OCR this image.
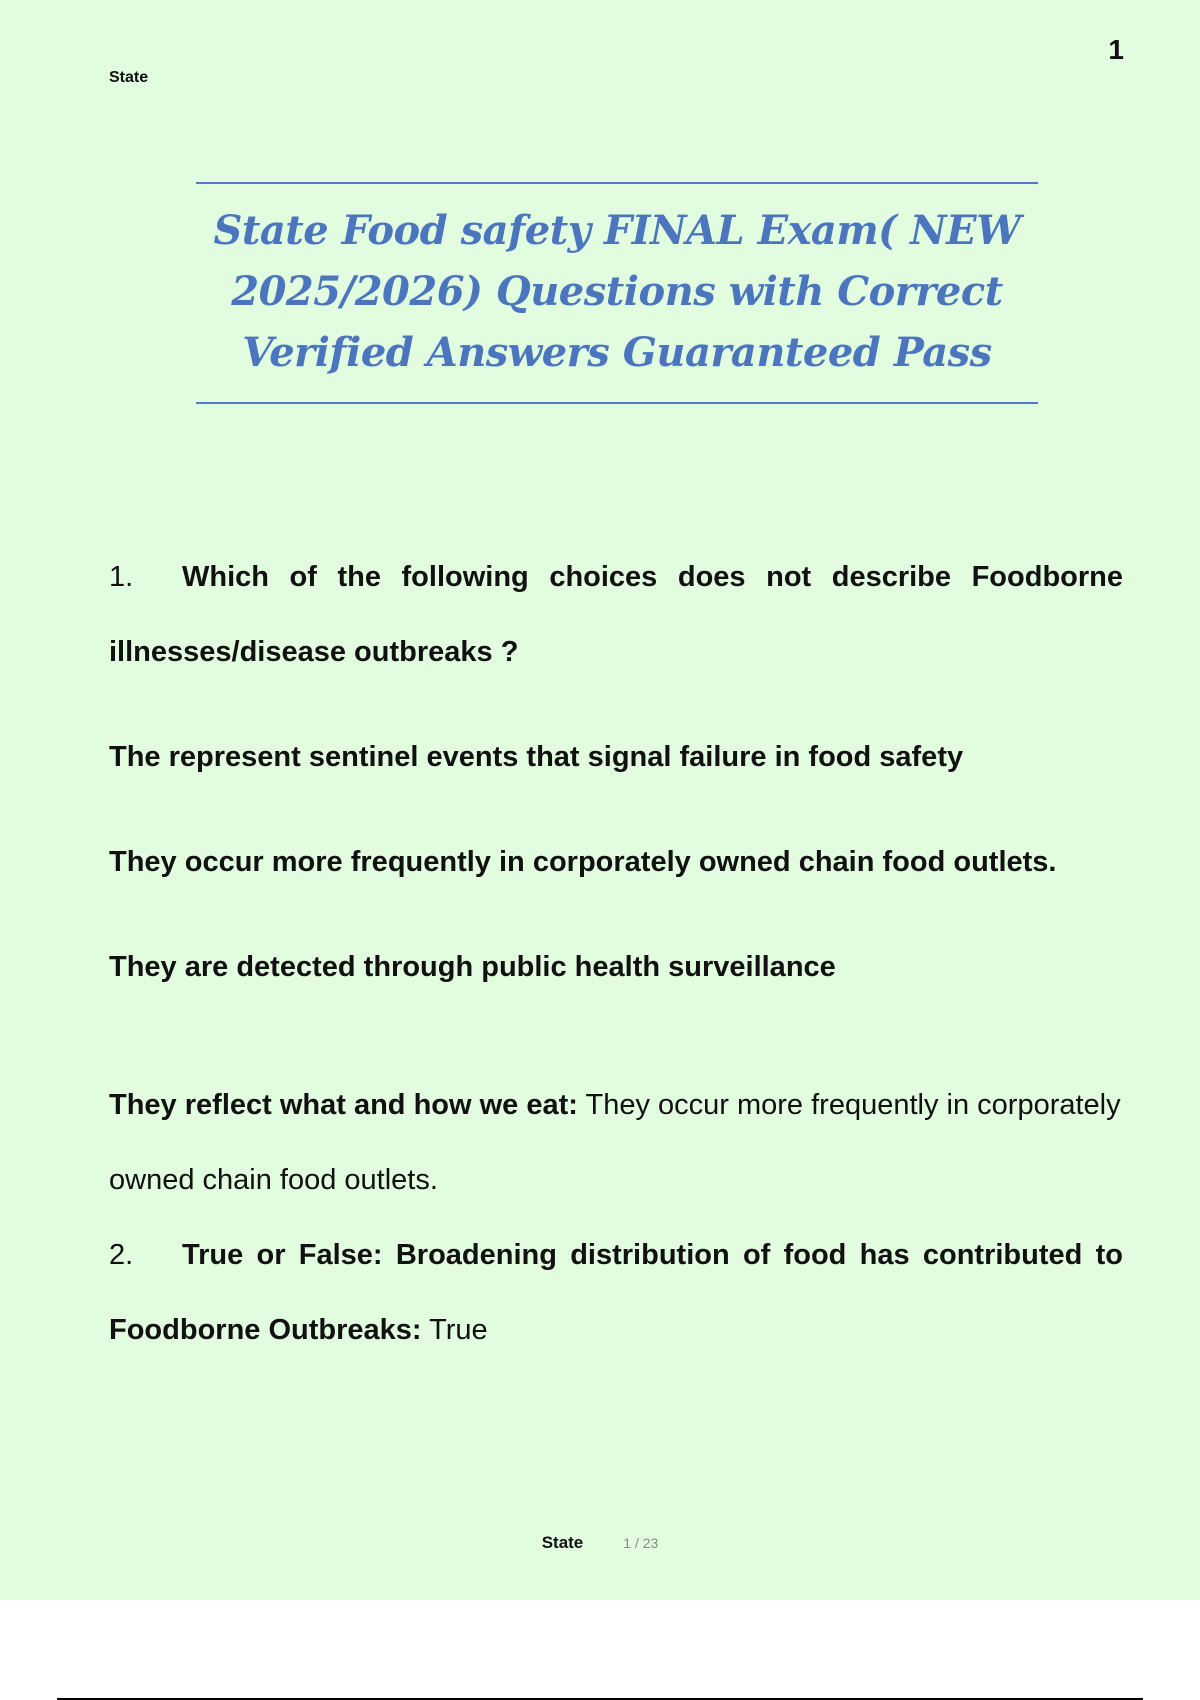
State
1
State Food safety FINAL Exam( NEW
2025/2026) Questions with Correct
Verified Answers Guaranteed Pass

1. Which of the following choices does not describe Foodborne illnesses/disease outbreaks ?

The represent sentinel events that signal failure in food safety

They occur more frequently in corporately owned chain food outlets.

They are detected through public health surveillance

They reflect what and how we eat: They occur more frequently in corporately owned chain food outlets.

2. True or False: Broadening distribution of food has contributed to Foodborne Outbreaks: True

State	1 / 23
